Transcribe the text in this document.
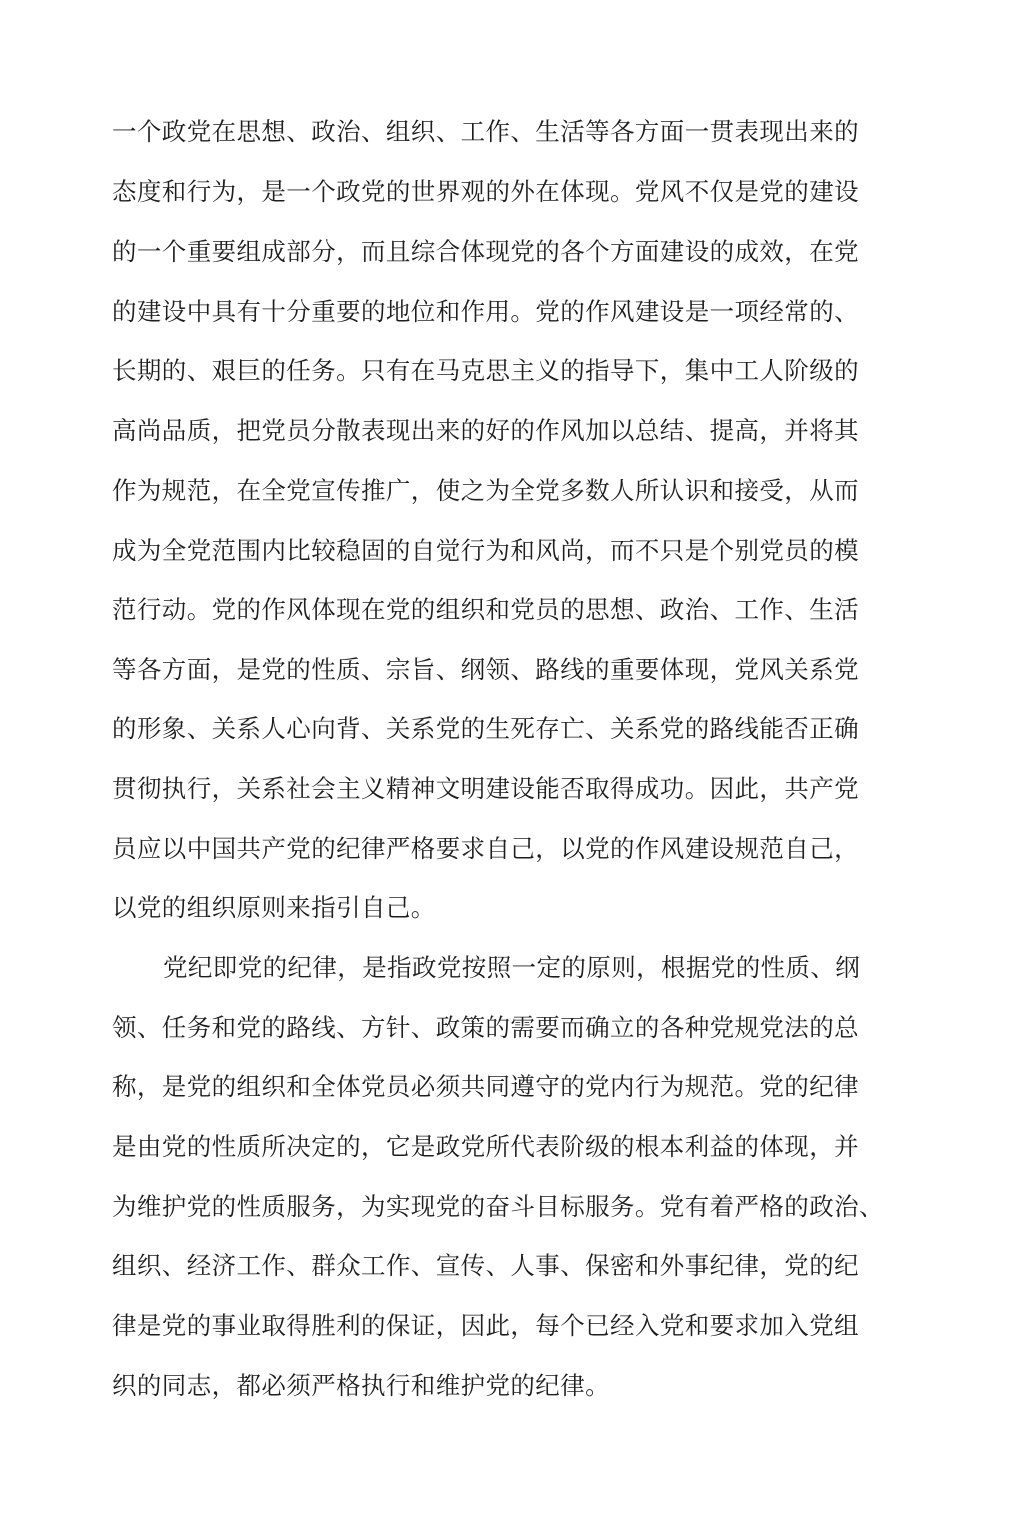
一个政党在思想、政治、组织、工作、生活等各方面一贯表现出来的
态度和行为，是一个政党的世界观的外在体现。党风不仅是党的建设
的一个重要组成部分，而且综合体现党的各个方面建设的成效，在党
的建设中具有十分重要的地位和作用。党的作风建设是一项经常的、
长期的、艰巨的任务。只有在马克思主义的指导下，集中工人阶级的
高尚品质，把党员分散表现出来的好的作风加以总结、提高，并将其
作为规范，在全党宣传推广，使之为全党多数人所认识和接受，从而
成为全党范围内比较稳固的自觉行为和风尚，而不只是个别党员的模
范行动。党的作风体现在党的组织和党员的思想、政治、工作、生活
等各方面，是党的性质、宗旨、纲领、路线的重要体现，党风关系党
的形象、关系人心向背、关系党的生死存亡、关系党的路线能否正确
贯彻执行，关系社会主义精神文明建设能否取得成功。因此，共产党
员应以中国共产党的纪律严格要求自己，以党的作风建设规范自己，
以党的组织原则来指引自己。
党纪即党的纪律，是指政党按照一定的原则，根据党的性质、纲
领、任务和党的路线、方针、政策的需要而确立的各种党规党法的总
称，是党的组织和全体党员必须共同遵守的党内行为规范。党的纪律
是由党的性质所决定的，它是政党所代表阶级的根本利益的体现，并
为维护党的性质服务，为实现党的奋斗目标服务。党有着严格的政治、
组织、经济工作、群众工作、宣传、人事、保密和外事纪律，党的纪
律是党的事业取得胜利的保证，因此，每个已经入党和要求加入党组
织的同志，都必须严格执行和维护党的纪律。
